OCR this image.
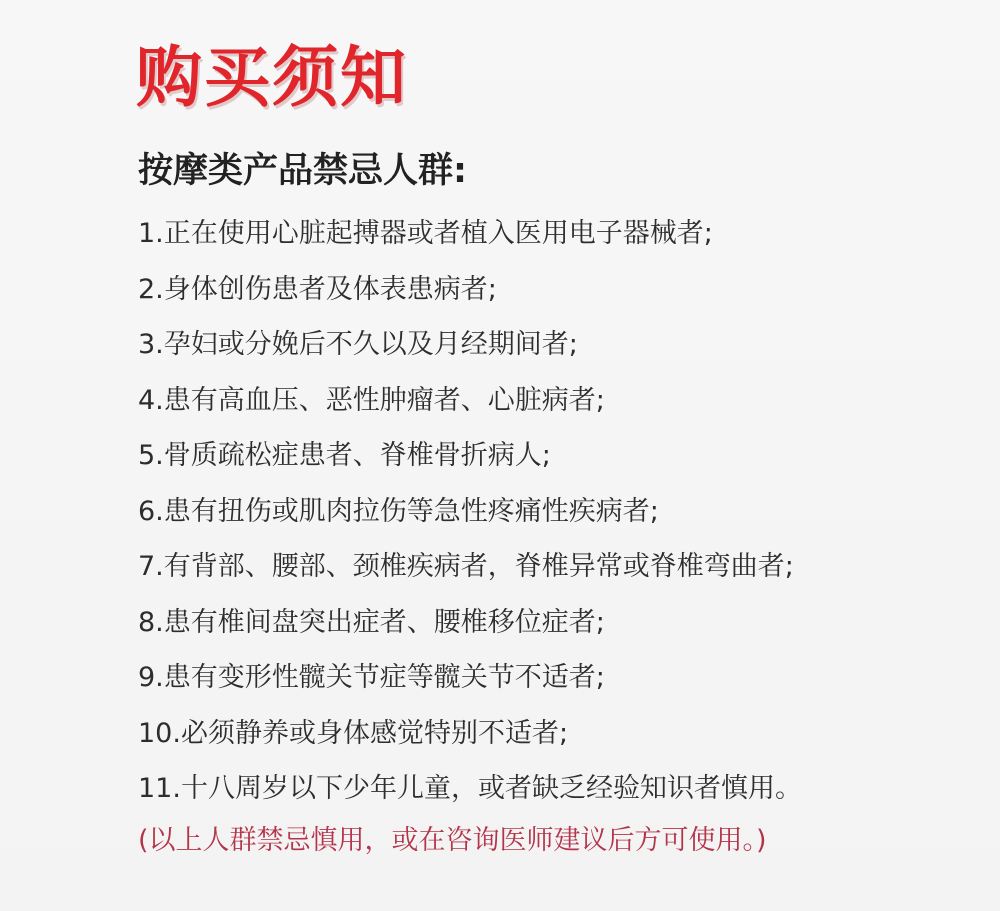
购买须知
按摩类产品禁忌人群:
1.正在使用心脏起搏器或者植入医用电子器械者;
2.身体创伤患者及体表患病者;
3.孕妇或分娩后不久以及月经期间者;
4.患有高血压、恶性肿瘤者、心脏病者;
5.骨质疏松症患者、脊椎骨折病人;
6.患有扭伤或肌肉拉伤等急性疼痛性疾病者;
7.有背部、腰部、颈椎疾病者，脊椎异常或脊椎弯曲者;
8.患有椎间盘突出症者、腰椎移位症者;
9.患有变形性髋关节症等髋关节不适者;
10.必须静养或身体感觉特别不适者;
11.十八周岁以下少年儿童，或者缺乏经验知识者慎用。
(以上人群禁忌慎用，或在咨询医师建议后方可使用。)
